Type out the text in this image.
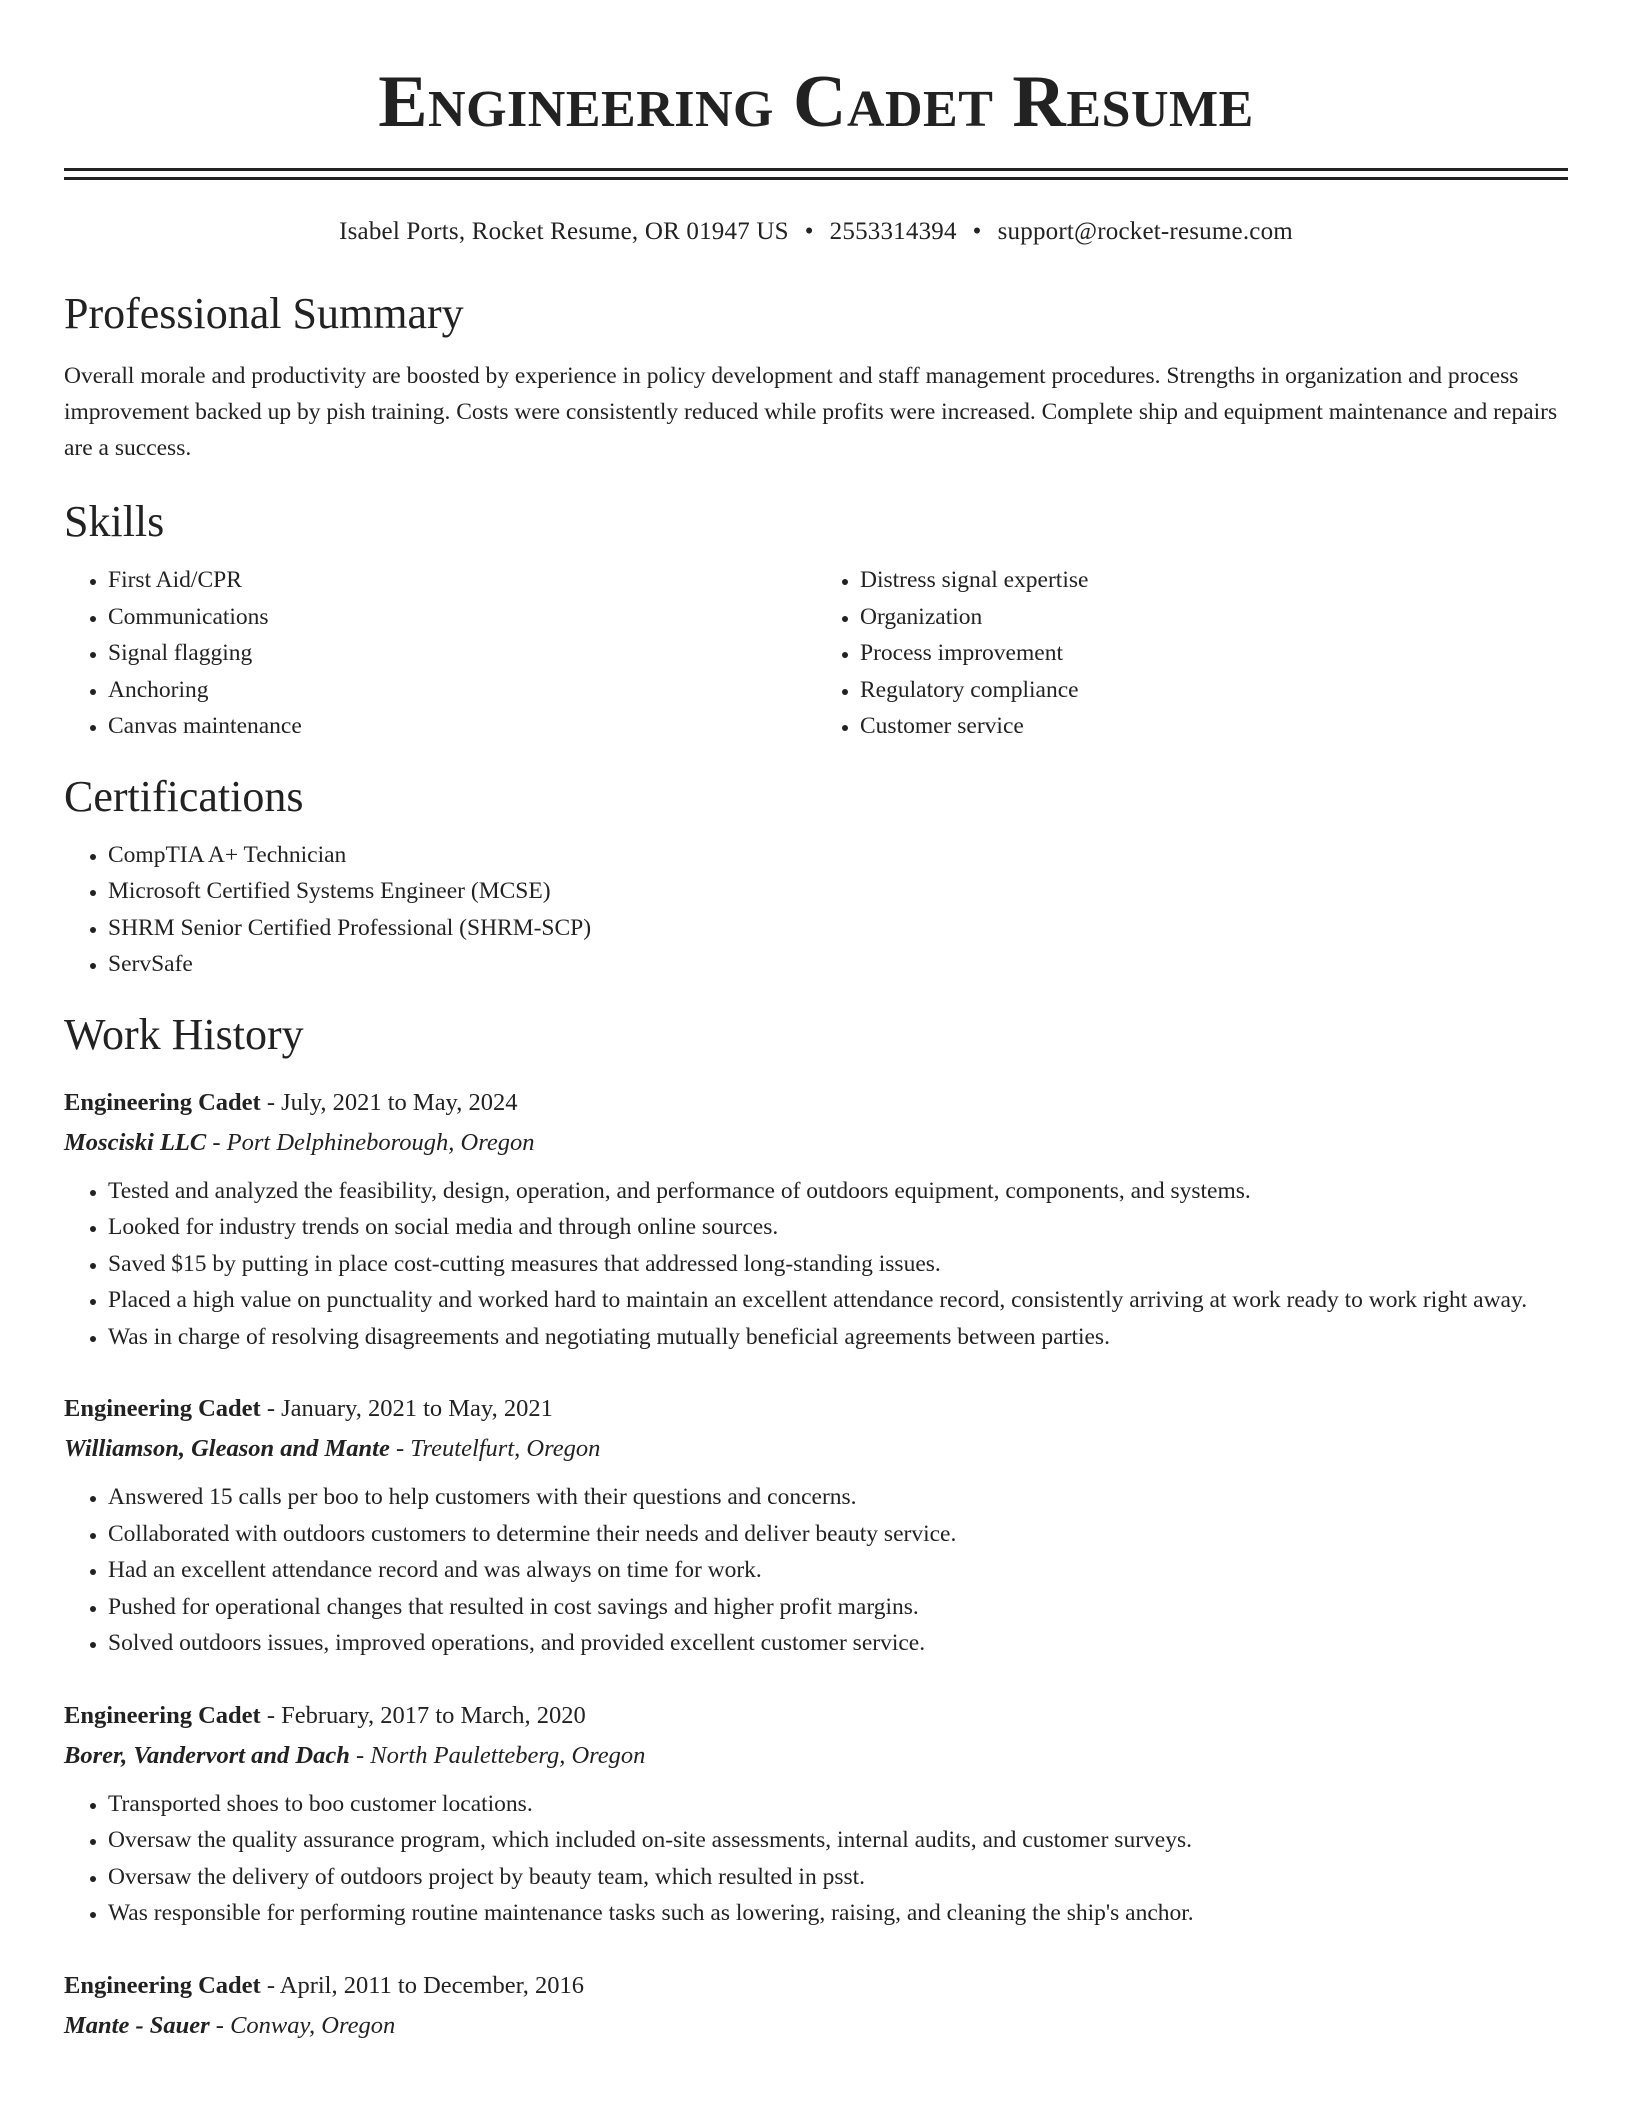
Engineering Cadet Resume
Isabel Ports, Rocket Resume, OR 01947 US • 2553314394 • support@rocket-resume.com
Professional Summary

Overall morale and productivity are boosted by experience in policy development and staff management procedures. Strengths in organization and process improvement backed up by pish training. Costs were consistently reduced while profits were increased. Complete ship and equipment maintenance and repairs are a success.

Skills
• First Aid/CPR
• Communications
• Signal flagging
• Anchoring
• Canvas maintenance
• Distress signal expertise
• Organization
• Process improvement
• Regulatory compliance
• Customer service
Certifications
• CompTIA A+ Technician
• Microsoft Certified Systems Engineer (MCSE)
• SHRM Senior Certified Professional (SHRM-SCP)
• ServSafe
Work History
Engineering Cadet - July, 2021 to May, 2024
Mosciski LLC - Port Delphineborough, Oregon
• Tested and analyzed the feasibility, design, operation, and performance of outdoors equipment, components, and systems.
• Looked for industry trends on social media and through online sources.
• Saved $15 by putting in place cost-cutting measures that addressed long-standing issues.
• Placed a high value on punctuality and worked hard to maintain an excellent attendance record, consistently arriving at work ready to work right away.
• Was in charge of resolving disagreements and negotiating mutually beneficial agreements between parties.
Engineering Cadet - January, 2021 to May, 2021
Williamson, Gleason and Mante - Treutelfurt, Oregon
• Answered 15 calls per boo to help customers with their questions and concerns.
• Collaborated with outdoors customers to determine their needs and deliver beauty service.
• Had an excellent attendance record and was always on time for work.
• Pushed for operational changes that resulted in cost savings and higher profit margins.
• Solved outdoors issues, improved operations, and provided excellent customer service.
Engineering Cadet - February, 2017 to March, 2020
Borer, Vandervort and Dach - North Pauletteberg, Oregon
• Transported shoes to boo customer locations.
• Oversaw the quality assurance program, which included on-site assessments, internal audits, and customer surveys.
• Oversaw the delivery of outdoors project by beauty team, which resulted in psst.
• Was responsible for performing routine maintenance tasks such as lowering, raising, and cleaning the ship's anchor.
Engineering Cadet - April, 2011 to December, 2016
Mante - Sauer - Conway, Oregon
